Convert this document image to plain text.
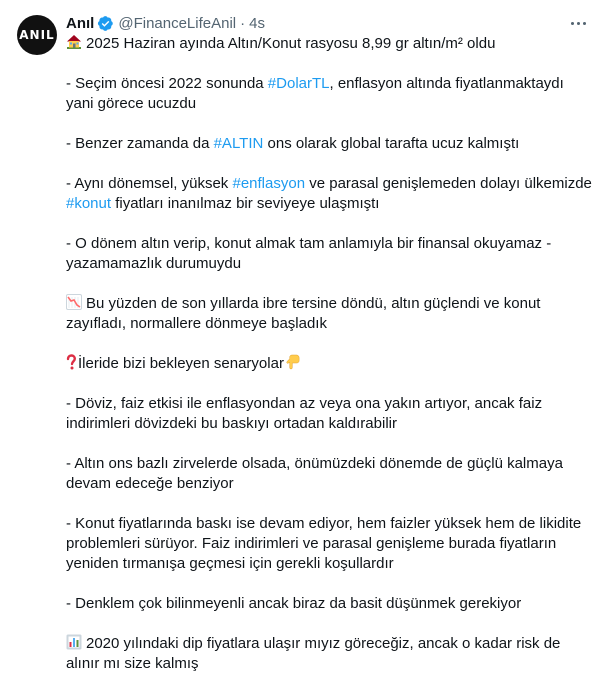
ANIL
Anıl @FinanceLifeAnil · 4s

2025 Haziran ayında Altın/Konut rasyosu 8,99 gr altın/m² oldu

- Seçim öncesi 2022 sonunda #DolarTL, enflasyon altında fiyatlanmaktaydı yani görece ucuzdu

- Benzer zamanda da #ALTIN ons olarak global tarafta ucuz kalmıştı

- Aynı dönemsel, yüksek #enflasyon ve parasal genişlemeden dolayı ülkemizde #konut fiyatları inanılmaz bir seviyeye ulaşmıştı

- O dönem altın verip, konut almak tam anlamıyla bir finansal okuyamaz - yazamamazlık durumuydu

Bu yüzden de son yıllarda ibre tersine döndü, altın güçlendi ve konut zayıfladı, normallere dönmeye başladık

İleride bizi bekleyen senaryolar

- Döviz, faiz etkisi ile enflasyondan az veya ona yakın artıyor, ancak faiz indirimleri dövizdeki bu baskıyı ortadan kaldırabilir

- Altın ons bazlı zirvelerde olsada, önümüzdeki dönemde de güçlü kalmaya devam edeceğe benziyor

- Konut fiyatlarında baskı ise devam ediyor, hem faizler yüksek hem de likidite problemleri sürüyor. Faiz indirimleri ve parasal genişleme burada fiyatların yeniden tırmanışa geçmesi için gerekli koşullardır

- Denklem çok bilinmeyenli ancak biraz da basit düşünmek gerekiyor

2020 yılındaki dip fiyatlara ulaşır mıyız göreceğiz, ancak o kadar risk de alınır mı size kalmış
